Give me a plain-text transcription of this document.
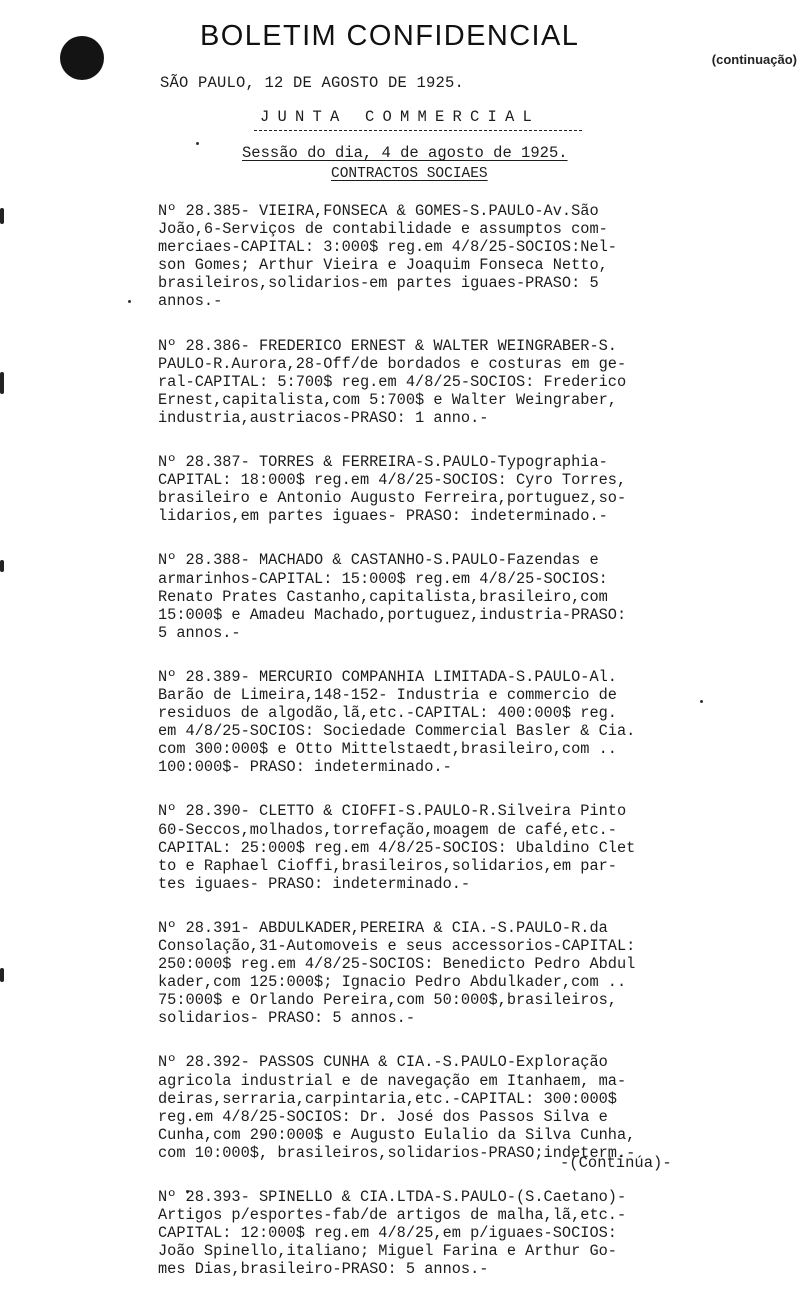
BOLETIM CONFIDENCIAL
(continuação)
SÃO PAULO, 12 DE AGOSTO DE 1925.
JUNTA COMMERCIAL
Sessão do dia, 4 de agosto de 1925.
CONTRACTOS SOCIAES
Nº 28.385- VIEIRA,FONSECA & GOMES-S.PAULO-Av.São
João,6-Serviços de contabilidade e assumptos com-
merciaes-CAPITAL: 3:000$ reg.em 4/8/25-SOCIOS:Nel-
son Gomes; Arthur Vieira e Joaquim Fonseca Netto,
brasileiros,solidarios-em partes iguaes-PRASO: 5
annos.-
Nº 28.386- FREDERICO ERNEST & WALTER WEINGRABER-S.
PAULO-R.Aurora,28-Off/de bordados e costuras em ge-
ral-CAPITAL: 5:700$ reg.em 4/8/25-SOCIOS: Frederico
Ernest,capitalista,com 5:700$ e Walter Weingraber,
industria,austriacos-PRASO: 1 anno.-
Nº 28.387- TORRES & FERREIRA-S.PAULO-Typographia-
CAPITAL: 18:000$ reg.em 4/8/25-SOCIOS: Cyro Torres,
brasileiro e Antonio Augusto Ferreira,portuguez,so-
lidarios,em partes iguaes- PRASO: indeterminado.-
Nº 28.388- MACHADO & CASTANHO-S.PAULO-Fazendas e
armarinhos-CAPITAL: 15:000$ reg.em 4/8/25-SOCIOS:
Renato Prates Castanho,capitalista,brasileiro,com
15:000$ e Amadeu Machado,portuguez,industria-PRASO:
5 annos.-
Nº 28.389- MERCURIO COMPANHIA LIMITADA-S.PAULO-Al.
Barão de Limeira,148-152- Industria e commercio de
residuos de algodão,lã,etc.-CAPITAL: 400:000$ reg.
em 4/8/25-SOCIOS: Sociedade Commercial Basler & Cia.
com 300:000$ e Otto Mittelstaedt,brasileiro,com ..
100:000$- PRASO: indeterminado.-
Nº 28.390- CLETTO & CIOFFI-S.PAULO-R.Silveira Pinto
60-Seccos,molhados,torrefação,moagem de café,etc.-
CAPITAL: 25:000$ reg.em 4/8/25-SOCIOS: Ubaldino Clet
to e Raphael Cioffi,brasileiros,solidarios,em par-
tes iguaes- PRASO: indeterminado.-
Nº 28.391- ABDULKADER,PEREIRA & CIA.-S.PAULO-R.da
Consolação,31-Automoveis e seus accessorios-CAPITAL:
250:000$ reg.em 4/8/25-SOCIOS: Benedicto Pedro Abdul
kader,com 125:000$; Ignacio Pedro Abdulkader,com ..
75:000$ e Orlando Pereira,com 50:000$,brasileiros,
solidarios- PRASO: 5 annos.-
Nº 28.392- PASSOS CUNHA & CIA.-S.PAULO-Exploração
agricola industrial e de navegação em Itanhaem, ma-
deiras,serraria,carpintaria,etc.-CAPITAL: 300:000$
reg.em 4/8/25-SOCIOS: Dr. José dos Passos Silva e
Cunha,com 290:000$ e Augusto Eulalio da Silva Cunha,
com 10:000$, brasileiros,solidarios-PRASO;indeterm.-
Nº 28.393- SPINELLO & CIA.LTDA-S.PAULO-(S.Caetano)-
Artigos p/esportes-fab/de artigos de malha,lã,etc.-
CAPITAL: 12:000$ reg.em 4/8/25,em p/iguaes-SOCIOS:
João Spinello,italiano; Miguel Farina e Arthur Go-
mes Dias,brasileiro-PRASO: 5 annos.-
-(Continúa)-
